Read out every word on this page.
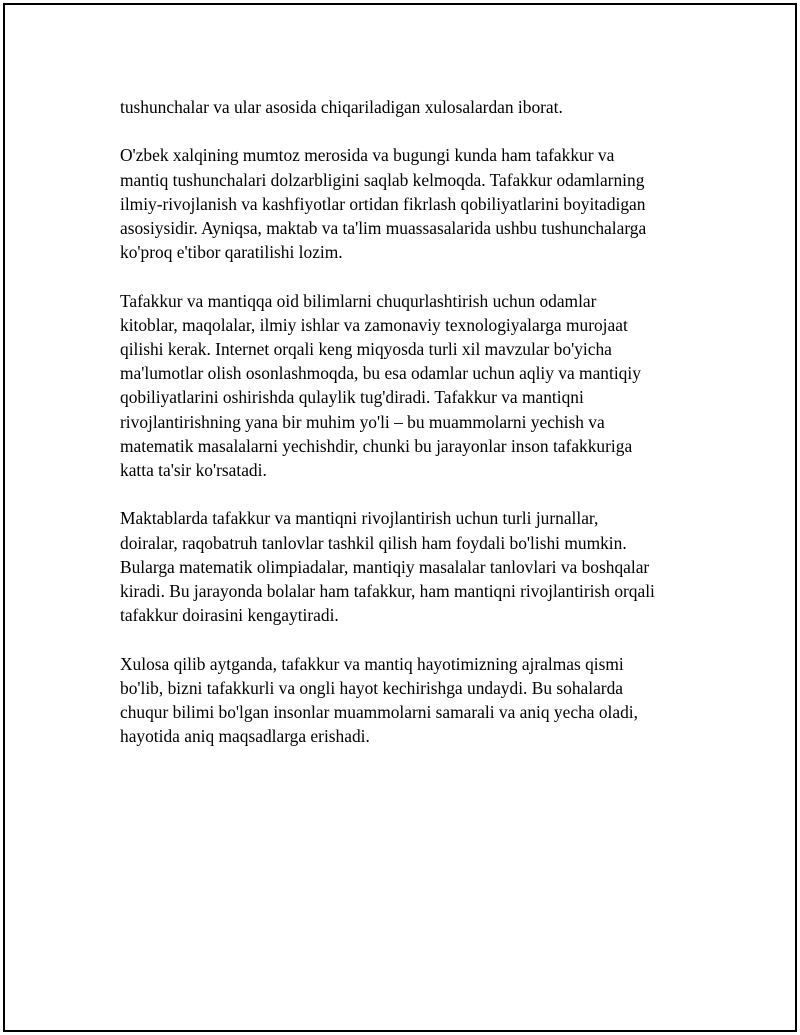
tushunchalar va ular asosida chiqariladigan xulosalardan iborat.

O'zbek xalqining mumtoz merosida va bugungi kunda ham tafakkur va
mantiq tushunchalari dolzarbligini saqlab kelmoqda. Tafakkur odamlarning
ilmiy-rivojlanish va kashfiyotlar ortidan fikrlash qobiliyatlarini boyitadigan
asosiysidir. Ayniqsa, maktab va ta'lim muassasalarida ushbu tushunchalarga
ko'proq e'tibor qaratilishi lozim.

Tafakkur va mantiqqa oid bilimlarni chuqurlashtirish uchun odamlar
kitoblar, maqolalar, ilmiy ishlar va zamonaviy texnologiyalarga murojaat
qilishi kerak. Internet orqali keng miqyosda turli xil mavzular bo'yicha
ma'lumotlar olish osonlashmoqda, bu esa odamlar uchun aqliy va mantiqiy
qobiliyatlarini oshirishda qulaylik tug'diradi. Tafakkur va mantiqni
rivojlantirishning yana bir muhim yo'li – bu muammolarni yechish va
matematik masalalarni yechishdir, chunki bu jarayonlar inson tafakkuriga
katta ta'sir ko'rsatadi.

Maktablarda tafakkur va mantiqni rivojlantirish uchun turli jurnallar,
doiralar, raqobatruh tanlovlar tashkil qilish ham foydali bo'lishi mumkin.
Bularga matematik olimpiadalar, mantiqiy masalalar tanlovlari va boshqalar
kiradi. Bu jarayonda bolalar ham tafakkur, ham mantiqni rivojlantirish orqali
tafakkur doirasini kengaytiradi.

Xulosa qilib aytganda, tafakkur va mantiq hayotimizning ajralmas qismi
bo'lib, bizni tafakkurli va ongli hayot kechirishga undaydi. Bu sohalarda
chuqur bilimi bo'lgan insonlar muammolarni samarali va aniq yecha oladi,
hayotida aniq maqsadlarga erishadi.
